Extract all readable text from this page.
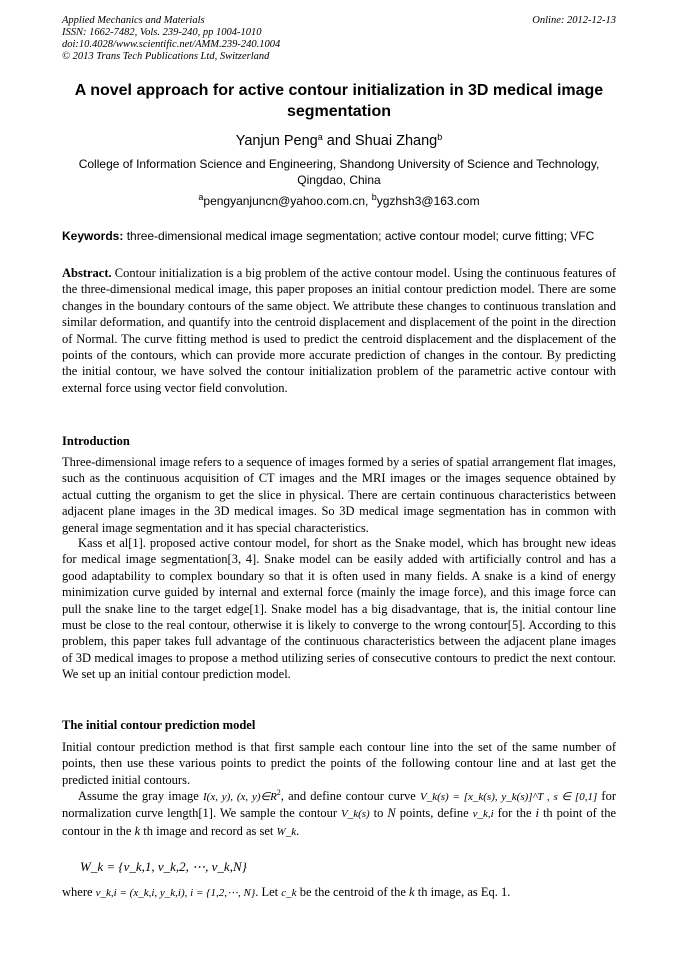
Applied Mechanics and Materials
ISSN: 1662-7482, Vols. 239-240, pp 1004-1010
doi:10.4028/www.scientific.net/AMM.239-240.1004
© 2013 Trans Tech Publications Ltd, Switzerland
Online: 2012-12-13
A novel approach for active contour initialization in 3D medical image segmentation
Yanjun Peng$^a$ and Shuai Zhang$^b$
College of Information Science and Engineering, Shandong University of Science and Technology, Qingdao, China
$^a$pengyanjuncn@yahoo.com.cn, $^b$ygzhsh3@163.com
Keywords: three-dimensional medical image segmentation; active contour model; curve fitting; VFC
Abstract. Contour initialization is a big problem of the active contour model. Using the continuous features of the three-dimensional medical image, this paper proposes an initial contour prediction model. There are some changes in the boundary contours of the same object. We attribute these changes to continuous translation and similar deformation, and quantify into the centroid displacement and displacement of the point in the direction of Normal. The curve fitting method is used to predict the centroid displacement and the displacement of the points of the contours, which can provide more accurate prediction of changes in the contour. By predicting the initial contour, we have solved the contour initialization problem of the parametric active contour with external force using vector field convolution.
Introduction
Three-dimensional image refers to a sequence of images formed by a series of spatial arrangement flat images, such as the continuous acquisition of CT images and the MRI images or the images sequence obtained by actual cutting the organism to get the slice in physical. There are certain continuous characteristics between adjacent plane images in the 3D medical images. So 3D medical image segmentation has in common with general image segmentation and it has special characteristics.
Kass et al[1]. proposed active contour model, for short as the Snake model, which has brought new ideas for medical image segmentation[3, 4]. Snake model can be easily added with artificially control and has a good adaptability to complex boundary so that it is often used in many fields. A snake is a kind of energy minimization curve guided by internal and external force (mainly the image force), and this image force can pull the snake line to the target edge[1]. Snake model has a big disadvantage, that is, the initial contour line must be close to the real contour, otherwise it is likely to converge to the wrong contour[5]. According to this problem, this paper takes full advantage of the continuous characteristics between the adjacent plane images of 3D medical images to propose a method utilizing series of consecutive contours to predict the next contour. We set up an initial contour prediction model.
The initial contour prediction model
Initial contour prediction method is that first sample each contour line into the set of the same number of points, then use these various points to predict the points of the following contour line and at last get the predicted initial contours.
Assume the gray image I(x, y), (x, $y)\in R^2$, and define contour curve V_k(s) = [x_k(s), y_k(s)]^T , s ∈ [0,1] for normalization curve length[1]. We sample the contour V_k(s) to N points, define v_k,i for the i th point of the contour in the k th image and record as set W_k.
W_k = {v_k,1, v_k,2, ⋯, v_k,N}
where v_k,i = (x_k,i, y_k,i), i = {1,2,⋯, N}. Let c_k be the centroid of the k th image, as Eq. 1.
